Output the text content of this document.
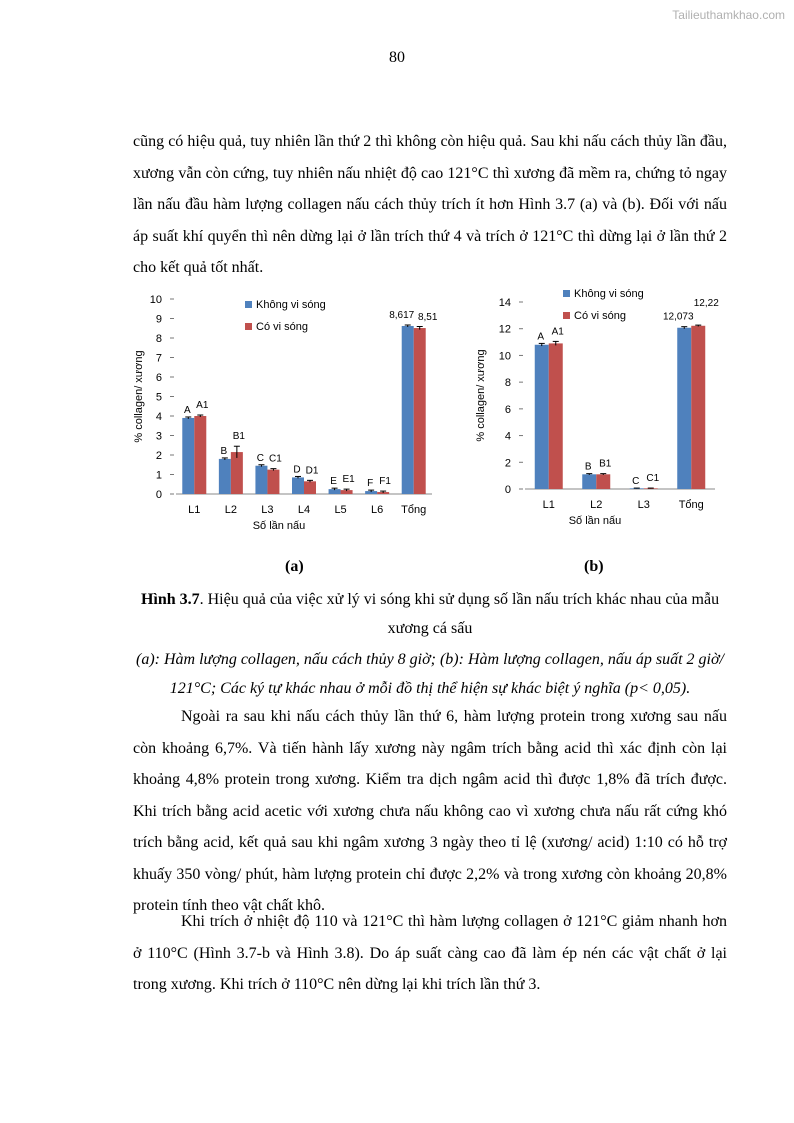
Tailieuthamkhao.com
80

cũng có hiệu quả, tuy nhiên lần thứ 2 thì không còn hiệu quả. Sau khi nấu cách thủy lần đầu, xương vẫn còn cứng, tuy nhiên nấu nhiệt độ cao 121°C thì xương đã mềm ra, chứng tỏ ngay lần nấu đầu hàm lượng collagen nấu cách thủy trích ít hơn Hình 3.7 (a) và (b). Đối với nấu áp suất khí quyển thì nên dừng lại ở lần trích thứ 4 và trích ở 121°C thì dừng lại ở lần thứ 2 cho kết quả tốt nhất.

0
1
2
3
4
5
6
7
8
9
10
L1
A A1
L2
B
B1
L3
C C1
L4
D D1
L5
E E1
L6
F F1
Tổng
8,617 8,51
Số lần nấu
% collagen/ xương
Không vi sóng
Có vi sóng
0
2
4
6
8
10
12
14
L1
A A1
L2
B B1
L3
C C1
Tổng
12,073
12,22
Số lần nấu
% collagen/ xương
Không vi sóng
Có vi sóng
(a)	(b)

Hình 3.7. Hiệu quả của việc xử lý vi sóng khi sử dụng số lần nấu trích khác nhau của mẫu xương cá sấu

(a): Hàm lượng collagen, nấu cách thủy 8 giờ; (b): Hàm lượng collagen, nấu áp suất 2 giờ/ 121°C; Các ký tự khác nhau ở mỗi đồ thị thể hiện sự khác biệt ý nghĩa (p< 0,05).

Ngoài ra sau khi nấu cách thủy lần thứ 6, hàm lượng protein trong xương sau nấu còn khoảng 6,7%. Và tiến hành lấy xương này ngâm trích bằng acid thì xác định còn lại khoảng 4,8% protein trong xương. Kiểm tra dịch ngâm acid thì được 1,8% đã trích được. Khi trích bằng acid acetic với xương chưa nấu không cao vì xương chưa nấu rất cứng khó trích bằng acid, kết quả sau khi ngâm xương 3 ngày theo tỉ lệ (xương/ acid) 1:10 có hỗ trợ khuấy 350 vòng/ phút, hàm lượng protein chỉ được 2,2% và trong xương còn khoảng 20,8% protein tính theo vật chất khô.

Khi trích ở nhiệt độ 110 và 121°C thì hàm lượng collagen ở 121°C giảm nhanh hơn ở 110°C (Hình 3.7-b và Hình 3.8). Do áp suất càng cao đã làm ép nén các vật chất ở lại trong xương. Khi trích ở 110°C nên dừng lại khi trích lần thứ 3.
